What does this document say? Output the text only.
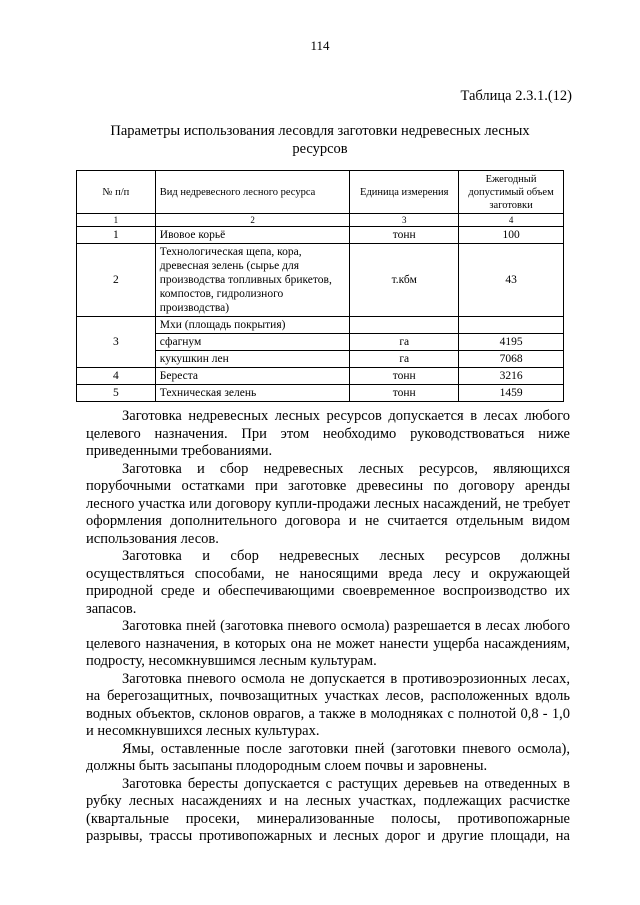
114
Таблица 2.3.1.(12)
Параметры использования лесовдля заготовки недревесных лесных ресурсов
№ п/п	Вид недревесного лесного ресурса	Единица измерения	Ежегодный допустимый объем заготовки
1	2	3	4
1	Ивовое корьё	тонн	100
2	Технологическая щепа, кора, древесная зелень (сырье для производства топливных брикетов, компостов, гидролизного производства)	т.кбм	43
3	Мхи (площадь покрытия)		
	сфагнум	га	4195
	кукушкин лен	га	7068
4	Береста	тонн	3216
5	Техническая зелень	тонн	1459

Заготовка недревесных лесных ресурсов допускается в лесах любого целевого назначения. При этом необходимо руководствоваться ниже приведенными требованиями.

Заготовка и сбор недревесных лесных ресурсов, являющихся порубочными остатками при заготовке древесины по договору аренды лесного участка или договору купли-продажи лесных насаждений, не требует оформления дополнительного договора и не считается отдельным видом использования лесов.

Заготовка и сбор недревесных лесных ресурсов должны осуществляться способами, не наносящими вреда лесу и окружающей природной среде и обеспечивающими своевременное воспроизводство их запасов.

Заготовка пней (заготовка пневого осмола) разрешается в лесах любого целевого назначения, в которых она не может нанести ущерба насаждениям, подросту, несомкнувшимся лесным культурам.

Заготовка пневого осмола не допускается в противоэрозионных лесах, на берегозащитных, почвозащитных участках лесов, расположенных вдоль водных объектов, склонов оврагов, а также в молодняках с полнотой 0,8 - 1,0 и несомкнувшихся лесных культурах.

Ямы, оставленные после заготовки пней (заготовки пневого осмола), должны быть засыпаны плодородным слоем почвы и заровнены.

Заготовка бересты допускается с растущих деревьев на отведенных в рубку лесных насаждениях и на лесных участках, подлежащих расчистке (квартальные просеки, минерализованные полосы, противопожарные разрывы, трассы противопожарных и лесных дорог и другие площади, на
